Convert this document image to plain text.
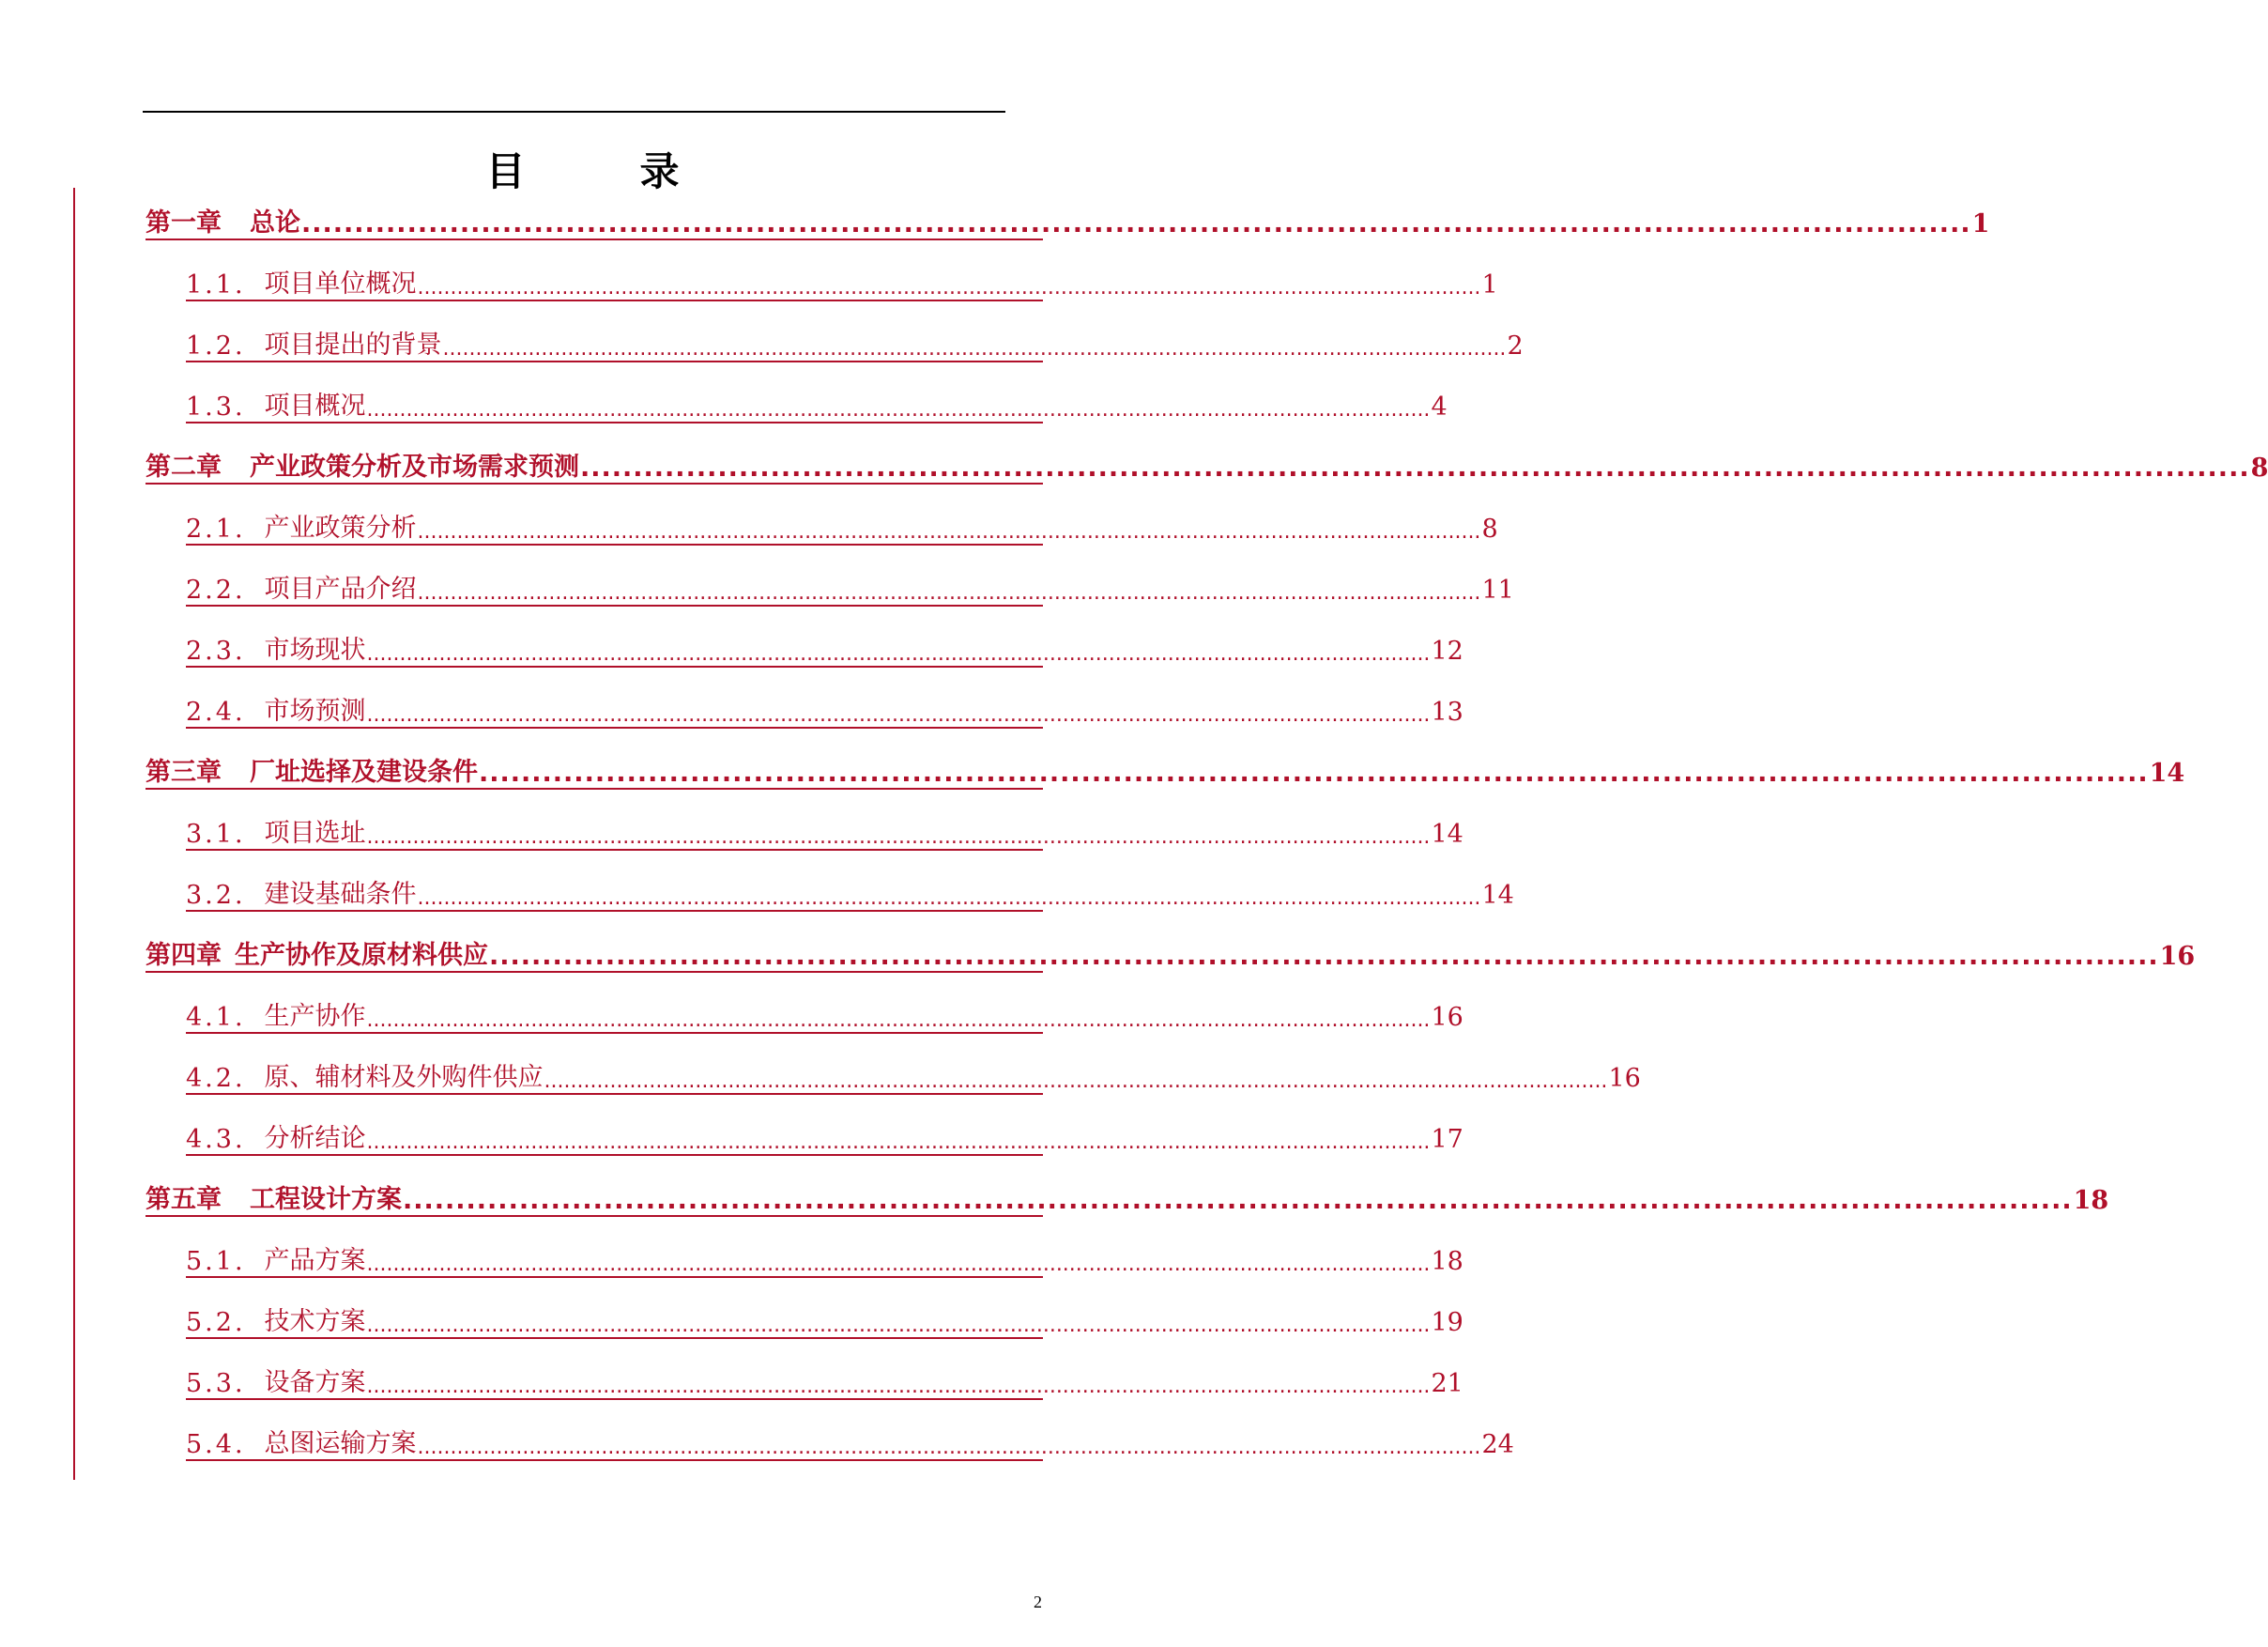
目　录
第一章 总论 .............................................................................................................................................................. 1
1.1. 项目单位概况 .................................................................................................................................................................. 1
1.2. 项目提出的背景 .................................................................................................................................................................. 2
1.3. 项目概况 .................................................................................................................................................................. 4
第二章 产业政策分析及市场需求预测 .............................................................................................................................................................. 8
2.1. 产业政策分析 .................................................................................................................................................................. 8
2.2. 项目产品介绍 .................................................................................................................................................................. 11
2.3. 市场现状 .................................................................................................................................................................. 12
2.4. 市场预测 .................................................................................................................................................................. 13
第三章 厂址选择及建设条件 .............................................................................................................................................................. 14
3.1. 项目选址 .................................................................................................................................................................. 14
3.2. 建设基础条件 .................................................................................................................................................................. 14
第四章 生产协作及原材料供应 .............................................................................................................................................................. 16
4.1. 生产协作 .................................................................................................................................................................. 16
4.2. 原、辅材料及外购件供应 .................................................................................................................................................................. 16
4.3. 分析结论 .................................................................................................................................................................. 17
第五章 工程设计方案 .............................................................................................................................................................. 18
5.1. 产品方案 .................................................................................................................................................................. 18
5.2. 技术方案 .................................................................................................................................................................. 19
5.3. 设备方案 .................................................................................................................................................................. 21
5.4. 总图运输方案 .................................................................................................................................................................. 24
2
